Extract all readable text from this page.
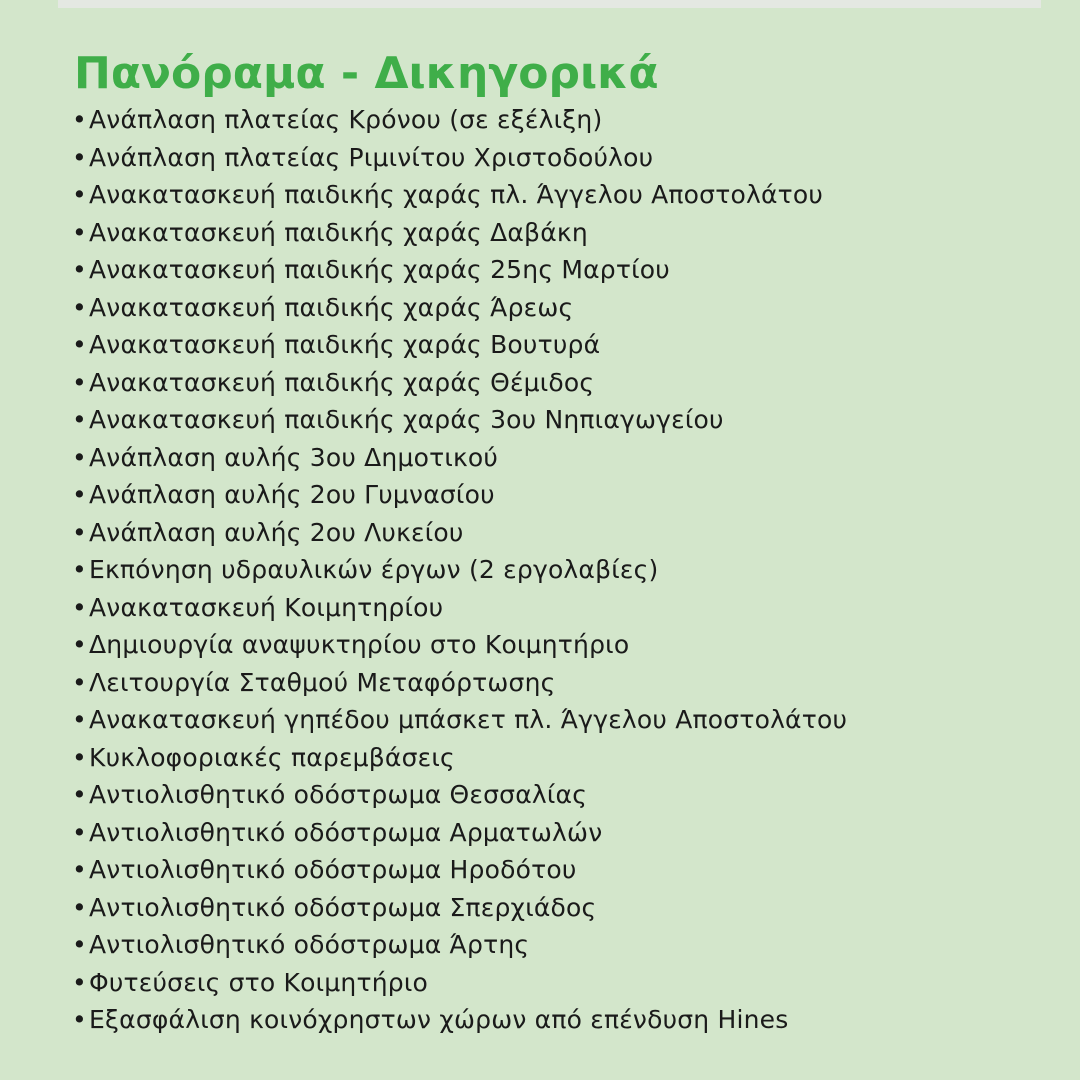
Πανόραμα - Δικηγορικά
•Ανάπλαση πλατείας Κρόνου (σε εξέλιξη)
•Ανάπλαση πλατείας Ριμινίτου Χριστοδούλου
•Ανακατασκευή παιδικής χαράς πλ. Άγγελου Αποστολάτου
•Ανακατασκευή παιδικής χαράς Δαβάκη
•Ανακατασκευή παιδικής χαράς 25ης Μαρτίου
•Ανακατασκευή παιδικής χαράς Άρεως
•Ανακατασκευή παιδικής χαράς Βουτυρά
•Ανακατασκευή παιδικής χαράς Θέμιδος
•Ανακατασκευή παιδικής χαράς 3ου Νηπιαγωγείου
•Ανάπλαση αυλής 3ου Δημοτικού
•Ανάπλαση αυλής 2ου Γυμνασίου
•Ανάπλαση αυλής 2ου Λυκείου
•Εκπόνηση υδραυλικών έργων (2 εργολαβίες)
•Ανακατασκευή Κοιμητηρίου
•Δημιουργία αναψυκτηρίου στο Κοιμητήριο
•Λειτουργία Σταθμού Μεταφόρτωσης
•Ανακατασκευή γηπέδου μπάσκετ πλ. Άγγελου Αποστολάτου
•Κυκλοφοριακές παρεμβάσεις
•Αντιολισθητικό οδόστρωμα Θεσσαλίας
•Αντιολισθητικό οδόστρωμα Αρματωλών
•Αντιολισθητικό οδόστρωμα Ηροδότου
•Αντιολισθητικό οδόστρωμα Σπερχιάδος
•Αντιολισθητικό οδόστρωμα Άρτης
•Φυτεύσεις στο Κοιμητήριο
•Εξασφάλιση κοινόχρηστων χώρων από επένδυση Hines
